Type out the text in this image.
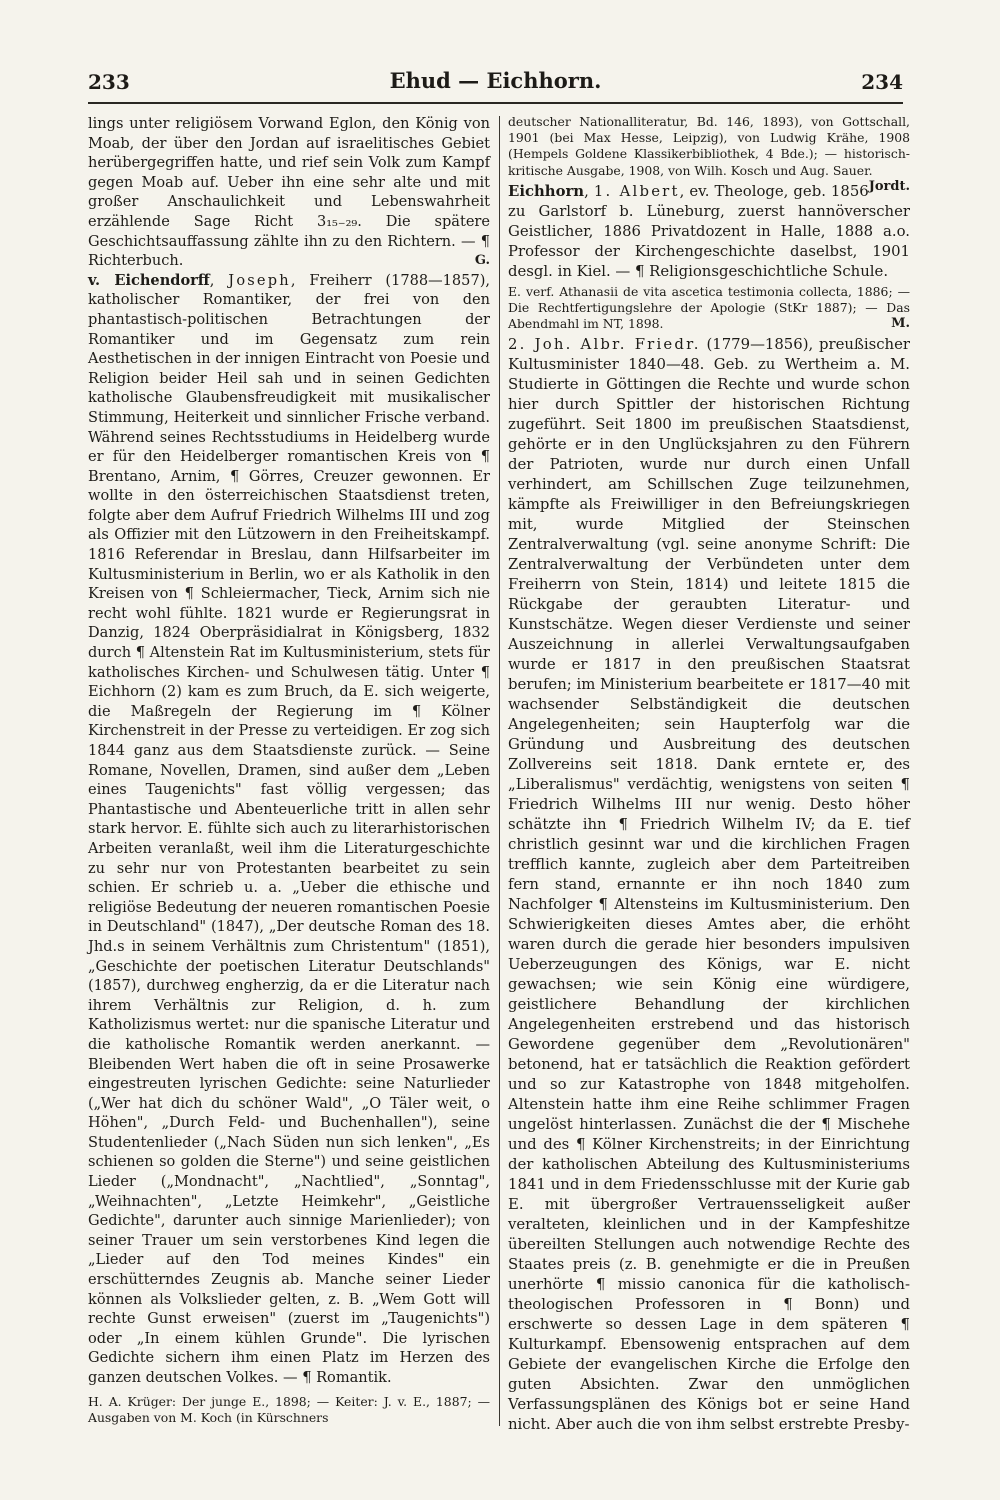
233	Ehud — Eichhorn.	234

lings unter religiösem Vorwand Eglon, den König von Moab, der über den Jordan auf israelitisches Gebiet herübergegriffen hatte, und rief sein Volk zum Kampf gegen Moab auf. Ueber ihn eine sehr alte und mit großer Anschaulichkeit und Lebenswahrheit erzählende Sage Richt 3₁₅₋₂₉. Die spätere Geschichtsauffassung zählte ihn zu den Richtern. — ¶ Richterbuch.	G.

v. Eichendorff, Joseph, Freiherr (1788—1857), katholischer Romantiker, der frei von den phantastisch-politischen Betrachtungen der Romantiker und im Gegensatz zum rein Aesthetischen in der innigen Eintracht von Poesie und Religion beider Heil sah und in seinen Gedichten katholische Glaubensfreudigkeit mit musikalischer Stimmung, Heiterkeit und sinnlicher Frische verband. Während seines Rechtsstudiums in Heidelberg wurde er für den Heidelberger romantischen Kreis von ¶ Brentano, Arnim, ¶ Görres, Creuzer gewonnen. Er wollte in den österreichischen Staatsdienst treten, folgte aber dem Aufruf Friedrich Wilhelms III und zog als Offizier mit den Lützowern in den Freiheitskampf. 1816 Referendar in Breslau, dann Hilfsarbeiter im Kultusministerium in Berlin, wo er als Katholik in den Kreisen von ¶ Schleiermacher, Tieck, Arnim sich nie recht wohl fühlte. 1821 wurde er Regierungsrat in Danzig, 1824 Oberpräsidialrat in Königsberg, 1832 durch ¶ Altenstein Rat im Kultusministerium, stets für katholisches Kirchen- und Schulwesen tätig. Unter ¶ Eichhorn (2) kam es zum Bruch, da E. sich weigerte, die Maßregeln der Regierung im ¶ Kölner Kirchenstreit in der Presse zu verteidigen. Er zog sich 1844 ganz aus dem Staatsdienste zurück. — Seine Romane, Novellen, Dramen, sind außer dem „Leben eines Taugenichts" fast völlig vergessen; das Phantastische und Abenteuerliche tritt in allen sehr stark hervor. E. fühlte sich auch zu literarhistorischen Arbeiten veranlaßt, weil ihm die Literaturgeschichte zu sehr nur von Protestanten bearbeitet zu sein schien. Er schrieb u. a. „Ueber die ethische und religiöse Bedeutung der neueren romantischen Poesie in Deutschland" (1847), „Der deutsche Roman des 18. Jhd.s in seinem Verhältnis zum Christentum" (1851), „Geschichte der poetischen Literatur Deutschlands" (1857), durchweg engherzig, da er die Literatur nach ihrem Verhältnis zur Religion, d. h. zum Katholizismus wertet: nur die spanische Literatur und die katholische Romantik werden anerkannt. — Bleibenden Wert haben die oft in seine Prosawerke eingestreuten lyrischen Gedichte: seine Naturlieder („Wer hat dich du schöner Wald", „O Täler weit, o Höhen", „Durch Feld- und Buchenhallen"), seine Studentenlieder („Nach Süden nun sich lenken", „Es schienen so golden die Sterne") und seine geistlichen Lieder („Mondnacht", „Nachtlied", „Sonntag", „Weihnachten", „Letzte Heimkehr", „Geistliche Gedichte", darunter auch sinnige Marienlieder); von seiner Trauer um sein verstorbenes Kind legen die „Lieder auf den Tod meines Kindes" ein erschütterndes Zeugnis ab. Manche seiner Lieder können als Volkslieder gelten, z. B. „Wem Gott will rechte Gunst erweisen" (zuerst im „Taugenichts") oder „In einem kühlen Grunde". Die lyrischen Gedichte sichern ihm einen Platz im Herzen des ganzen deutschen Volkes. — ¶ Romantik.

H. A. Krüger: Der junge E., 1898; — Keiter: J. v. E., 1887; — Ausgaben von M. Koch (in Kürschners

deutscher Nationalliteratur, Bd. 146, 1893), von Gottschall, 1901 (bei Max Hesse, Leipzig), von Ludwig Krähe, 1908 (Hempels Goldene Klassikerbibliothek, 4 Bde.); — historisch-kritische Ausgabe, 1908, von Wilh. Kosch und Aug. Sauer.
Jordt.

Eichhorn, 1. Albert, ev. Theologe, geb. 1856 zu Garlstorf b. Lüneburg, zuerst hannöverscher Geistlicher, 1886 Privatdozent in Halle, 1888 a.o. Professor der Kirchengeschichte daselbst, 1901 desgl. in Kiel. — ¶ Religionsgeschichtliche Schule.

E. verf. Athanasii de vita ascetica testimonia collecta, 1886; — Die Rechtfertigungslehre der Apologie (StKr 1887); — Das Abendmahl im NT, 1898.	M.

2. Joh. Albr. Friedr. (1779—1856), preußischer Kultusminister 1840—48. Geb. zu Wertheim a. M. Studierte in Göttingen die Rechte und wurde schon hier durch Spittler der historischen Richtung zugeführt. Seit 1800 im preußischen Staatsdienst, gehörte er in den Unglücksjahren zu den Führern der Patrioten, wurde nur durch einen Unfall verhindert, am Schillschen Zuge teilzunehmen, kämpfte als Freiwilliger in den Befreiungskriegen mit, wurde Mitglied der Steinschen Zentralverwaltung (vgl. seine anonyme Schrift: Die Zentralverwaltung der Verbündeten unter dem Freiherrn von Stein, 1814) und leitete 1815 die Rückgabe der geraubten Literatur- und Kunstschätze. Wegen dieser Verdienste und seiner Auszeichnung in allerlei Verwaltungsaufgaben wurde er 1817 in den preußischen Staatsrat berufen; im Ministerium bearbeitete er 1817—40 mit wachsender Selbständigkeit die deutschen Angelegenheiten; sein Haupterfolg war die Gründung und Ausbreitung des deutschen Zollvereins seit 1818. Dank erntete er, des „Liberalismus" verdächtig, wenigstens von seiten ¶ Friedrich Wilhelms III nur wenig. Desto höher schätzte ihn ¶ Friedrich Wilhelm IV; da E. tief christlich gesinnt war und die kirchlichen Fragen trefflich kannte, zugleich aber dem Parteitreiben fern stand, ernannte er ihn noch 1840 zum Nachfolger ¶ Altensteins im Kultusministerium. Den Schwierigkeiten dieses Amtes aber, die erhöht waren durch die gerade hier besonders impulsiven Ueberzeugungen des Königs, war E. nicht gewachsen; wie sein König eine würdigere, geistlichere Behandlung der kirchlichen Angelegenheiten erstrebend und das historisch Gewordene gegenüber dem „Revolutionären" betonend, hat er tatsächlich die Reaktion gefördert und so zur Katastrophe von 1848 mitgeholfen. Altenstein hatte ihm eine Reihe schlimmer Fragen ungelöst hinterlassen. Zunächst die der ¶ Mischehe und des ¶ Kölner Kirchenstreits; in der Einrichtung der katholischen Abteilung des Kultusministeriums 1841 und in dem Friedensschlusse mit der Kurie gab E. mit übergroßer Vertrauensseligkeit außer veralteten, kleinlichen und in der Kampfeshitze übereilten Stellungen auch notwendige Rechte des Staates preis (z. B. genehmigte er die in Preußen unerhörte ¶ missio canonica für die katholisch-theologischen Professoren in ¶ Bonn) und erschwerte so dessen Lage in dem späteren ¶ Kulturkampf. Ebensowenig entsprachen auf dem Gebiete der evangelischen Kirche die Erfolge den guten Absichten. Zwar den unmöglichen Verfassungsplänen des Königs bot er seine Hand nicht. Aber auch die von ihm selbst erstrebte Presby-
